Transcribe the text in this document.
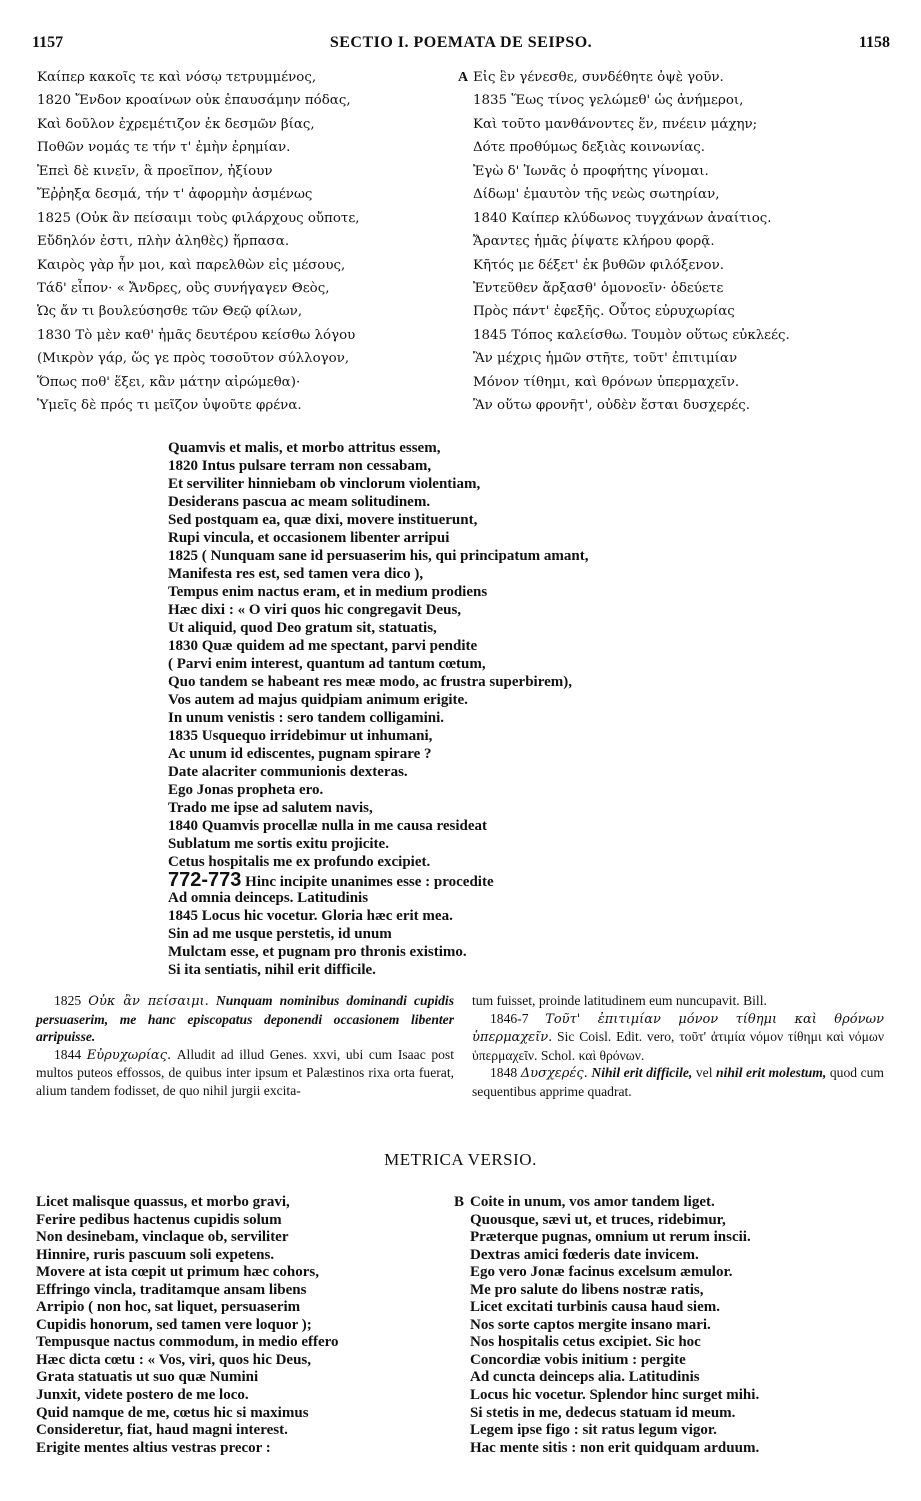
1157	SECTIO I. POEMATA DE SEIPSO.	1158
Καίπερ κακοῖς τε καὶ νόσῳ τετρυμμένος,
1820 Ἔνδον κροαίνων οὐκ ἐπαυσάμην πόδας,
Καὶ δοῦλον ἐχρεμέτιζον ἐκ δεσμῶν βίας,
Ποθῶν νομάς τε τήν τ' ἐμὴν ἐρημίαν.
Ἐπεὶ δὲ κινεῖν, ἃ προεῖπον, ἠξίουν
Ἔῤῥηξα δεσμά, τήν τ' ἀφορμὴν ἀσμένως
1825 (Οὐκ ἂν πείσαιμι τοὺς φιλάρχους οὔποτε,
Εὔδηλόν ἐστι, πλὴν ἀληθὲς) ἥρπασα.
Καιρὸς γὰρ ἦν μοι, καὶ παρελθὼν εἰς μέσους,
Τάδ' εἶπον· « Ἄνδρες, οὓς συνήγαγεν Θεὸς,
Ὡς ἄν τι βουλεύσησθε τῶν Θεῷ φίλων,
1830 Τὸ μὲν καθ' ἡμᾶς δευτέρου κείσθω λόγου
(Μικρὸν γάρ, ὥς γε πρὸς τοσοῦτον σύλλογον,
Ὅπως ποθ' ἕξει, κἂν μάτην αἰρώμεθα)·
Ὑμεῖς δὲ πρός τι μεῖζον ὑψοῦτε φρένα.
A Εἰς ἓν γένεσθε, συνδέθητε ὀψὲ γοῦν.
1835 Ἕως τίνος γελώμεθ' ὡς ἀνήμεροι,
Καὶ τοῦτο μανθάνοντες ἕν, πνέειν μάχην;
Δότε προθύμως δεξιὰς κοινωνίας.
Ἐγὼ δ' Ἰωνᾶς ὁ προφήτης γίνομαι.
Δίδωμ' ἐμαυτὸν τῆς νεὼς σωτηρίαν,
1840 Καίπερ κλύδωνος τυγχάνων ἀναίτιος.
Ἄραντες ἡμᾶς ῥίψατε κλήρου φορᾷ.
Κῆτός με δέξετ' ἐκ βυθῶν φιλόξενον.
Ἐντεῦθεν ἄρξασθ' ὁμονοεῖν· ὁδεύετε
Πρὸς πάντ' ἐφεξῆς. Οὗτος εὐρυχωρίας
1845 Τόπος καλείσθω. Τουμὸν οὕτως εὐκλεές.
Ἂν μέχρις ἡμῶν στῆτε, τοῦτ' ἐπιτιμίαν
Μόνον τίθημι, καὶ θρόνων ὑπερμαχεῖν.
Ἂν οὕτω φρονῆτ', οὐδὲν ἔσται δυσχερές.
Quamvis et malis, et morbo attritus essem,
1820 Intus pulsare terram non cessabam,
Et serviliter hinniebam ob vinclorum violentiam,
Desiderans pascua ac meam solitudinem.
Sed postquam ea, quæ dixi, movere instituerunt,
Rupi vincula, et occasionem libenter arripui
1825 ( Nunquam sane id persuaserim his, qui principatum amant,
Manifesta res est, sed tamen vera dico ),
Tempus enim nactus eram, et in medium prodiens
Hæc dixi : « O viri quos hic congregavit Deus,
Ut aliquid, quod Deo gratum sit, statuatis,
1830 Quæ quidem ad me spectant, parvi pendite
( Parvi enim interest, quantum ad tantum cœtum,
Quo tandem se habeant res meæ modo, ac frustra superbirem),
Vos autem ad majus quidpiam animum erigite.
In unum venistis : sero tandem colligamini.
1835 Usquequo irridebimur ut inhumani,
Ac unum id ediscentes, pugnam spirare ?
Date alacriter communionis dexteras.
Ego Jonas propheta ero.
Trado me ipse ad salutem navis,
1840 Quamvis procellæ nulla in me causa resideat
Sublatum me sortis exitu projicite.
Cetus hospitalis me ex profundo excipiet.
772-773 Hinc incipite unanimes esse : procedite
Ad omnia deinceps. Latitudinis
1845 Locus hic vocetur. Gloria hæc erit mea.
Sin ad me usque perstetis, id unum
Mulctam esse, et pugnam pro thronis existimo.
Si ita sentiatis, nihil erit difficile.

1825 Οὐκ ἂν πείσαιμι. Nunquam nominibus dominandi cupidis persuaserim, me hanc episcopatus deponendi occasionem libenter arripuisse.

1844 Εὐρυχωρίας. Alludit ad illud Genes. xxvi, ubi cum Isaac post multos puteos effossos, de quibus inter ipsum et Palæstinos rixa orta fuerat, alium tandem fodisset, de quo nihil jurgii excita-

tum fuisset, proinde latitudinem eum nuncupavit. Bill.

1846-7 Τοῦτ' ἐπιτιμίαν μόνον τίθημι καὶ θρόνων ὑπερμαχεῖν. Sic Coisl. Edit. vero, τοῦτ' ἀτιμία νόμον τίθημι καὶ νόμων ὑπερμαχεῖν. Schol. καὶ θρόνων.

1848 Δυσχερές. Nihil erit difficile, vel nihil erit molestum, quod cum sequentibus apprime quadrat.

METRICA VERSIO.
Licet malisque quassus, et morbo gravi,
Ferire pedibus hactenus cupidis solum
Non desinebam, vinclaque ob, serviliter
Hinnire, ruris pascuum soli expetens.
Movere at ista cœpit ut primum hæc cohors,
Effringo vincla, traditamque ansam libens
Arripio ( non hoc, sat liquet, persuaserim
Cupidis honorum, sed tamen vere loquor );
Tempusque nactus commodum, in medio effero
Hæc dicta cœtu : « Vos, viri, quos hic Deus,
Grata statuatis ut suo quæ Numini
Junxit, videte postero de me loco.
Quid namque de me, cœtus hic si maximus
Consideretur, fiat, haud magni interest.
Erigite mentes altius vestras precor :
B Coite in unum, vos amor tandem liget.
Quousque, sævi ut, et truces, ridebimur,
Præterque pugnas, omnium ut rerum inscii.
Dextras amici fœderis date invicem.
Ego vero Jonæ facinus excelsum æmulor.
Me pro salute do libens nostræ ratis,
Licet excitati turbinis causa haud siem.
Nos sorte captos mergite insano mari.
Nos hospitalis cetus excipiet. Sic hoc
Concordiæ vobis initium : pergite
Ad cuncta deinceps alia. Latitudinis
Locus hic vocetur. Splendor hinc surget mihi.
Si stetis in me, dedecus statuam id meum.
Legem ipse figo : sit ratus legum vigor.
Hac mente sitis : non erit quidquam arduum.
